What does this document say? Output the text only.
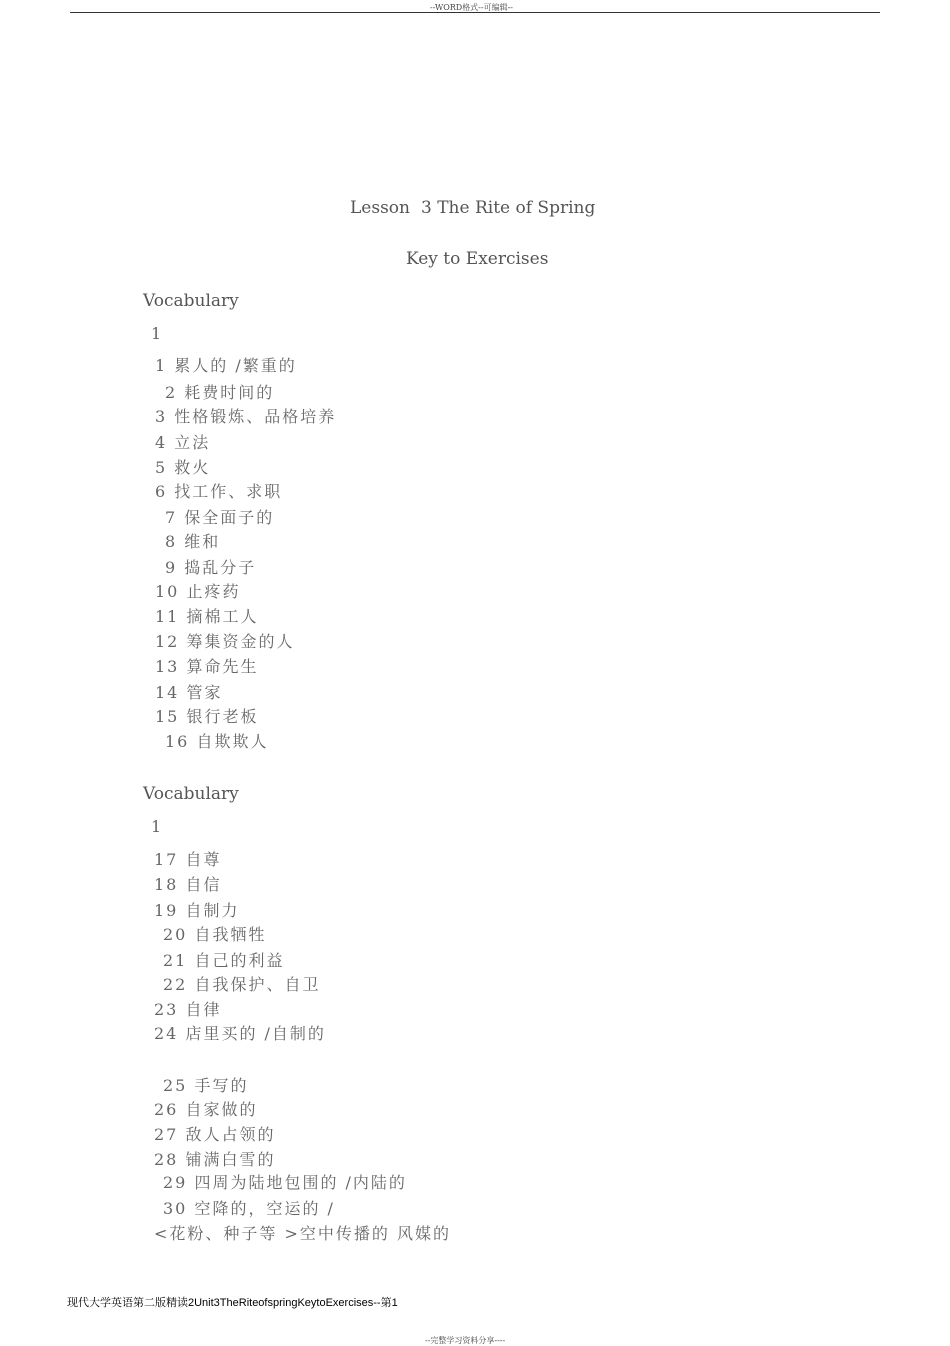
--WORD格式--可编辑--
Lesson 3 The Rite of Spring
Key to Exercises
Vocabulary
1
1 累人的 /繁重的
2 耗费时间的
3 性格锻炼、品格培养
4 立法
5 救火
6 找工作、求职
7 保全面子的
8 维和
9 捣乱分子
10 止疼药
11 摘棉工人
12 筹集资金的人
13 算命先生
14 管家
15 银行老板
16 自欺欺人
Vocabulary
1
17 自尊
18 自信
19 自制力
20 自我牺牲
21 自己的利益
22 自我保护、自卫
23 自律
24 店里买的 /自制的
25 手写的
26 自家做的
27 敌人占领的
28 铺满白雪的
29 四周为陆地包围的 /内陆的
30 空降的，空运的 /
<花粉、种子等 >空中传播的 风媒的
现代大学英语第二版精读2Unit3TheRiteofspringKeytoExercises--第1
--完整学习资料分享----
